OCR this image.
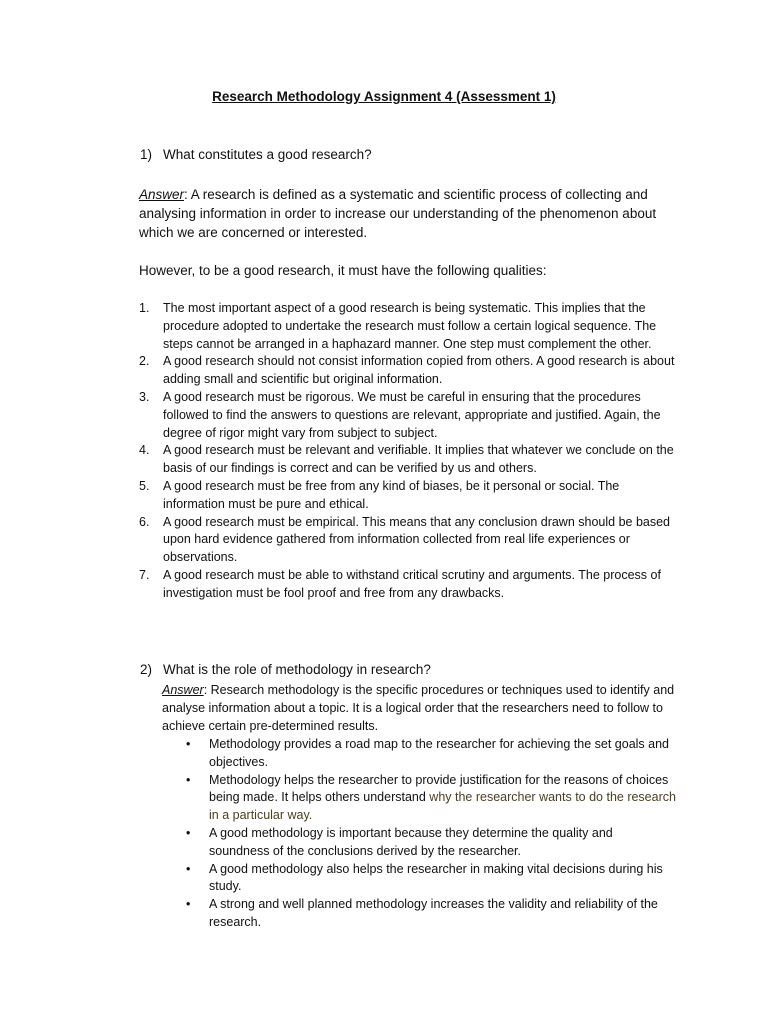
Research Methodology Assignment 4 (Assessment 1)
1) What constitutes a good research?
Answer: A research is defined as a systematic and scientific process of collecting and analysing information in order to increase our understanding of the phenomenon about which we are concerned or interested.
However, to be a good research, it must have the following qualities:
1. The most important aspect of a good research is being systematic. This implies that the procedure adopted to undertake the research must follow a certain logical sequence. The steps cannot be arranged in a haphazard manner. One step must complement the other.
2. A good research should not consist information copied from others. A good research is about adding small and scientific but original information.
3. A good research must be rigorous. We must be careful in ensuring that the procedures followed to find the answers to questions are relevant, appropriate and justified. Again, the degree of rigor might vary from subject to subject.
4. A good research must be relevant and verifiable. It implies that whatever we conclude on the basis of our findings is correct and can be verified by us and others.
5. A good research must be free from any kind of biases, be it personal or social. The information must be pure and ethical.
6. A good research must be empirical. This means that any conclusion drawn should be based upon hard evidence gathered from information collected from real life experiences or observations.
7. A good research must be able to withstand critical scrutiny and arguments. The process of investigation must be fool proof and free from any drawbacks.
2) What is the role of methodology in research?
Answer: Research methodology is the specific procedures or techniques used to identify and analyse information about a topic. It is a logical order that the researchers need to follow to achieve certain pre-determined results.
• Methodology provides a road map to the researcher for achieving the set goals and objectives.
• Methodology helps the researcher to provide justification for the reasons of choices being made. It helps others understand why the researcher wants to do the research in a particular way.
• A good methodology is important because they determine the quality and soundness of the conclusions derived by the researcher.
• A good methodology also helps the researcher in making vital decisions during his study.
• A strong and well planned methodology increases the validity and reliability of the research.
